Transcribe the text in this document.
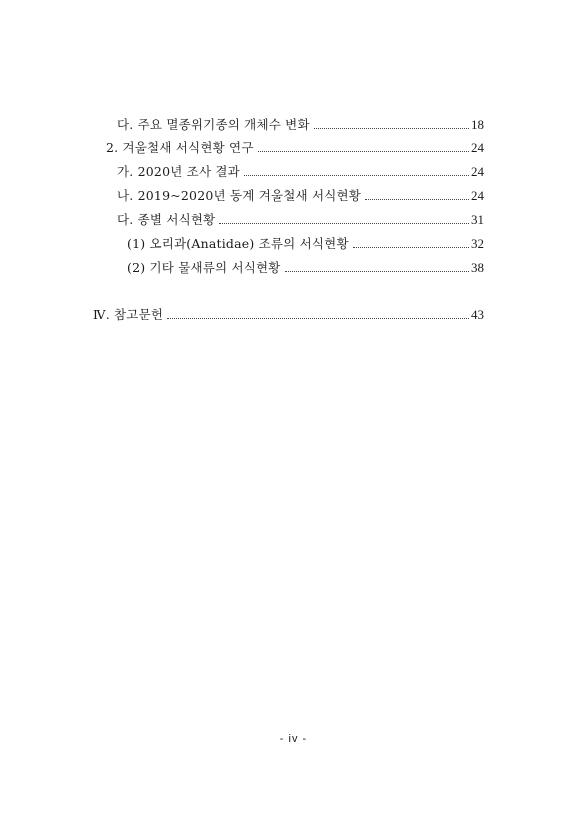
다. 주요 멸종위기종의 개체수 변화	18
2. 겨울철새 서식현황 연구	24
가. 2020년 조사 결과	24
나. 2019~2020년 동계 겨울철새 서식현황	24
다. 종별 서식현황	31
(1) 오리과(Anatidae) 조류의 서식현황	32
(2) 기타 물새류의 서식현황	38
Ⅳ. 참고문헌	43
- iv -
